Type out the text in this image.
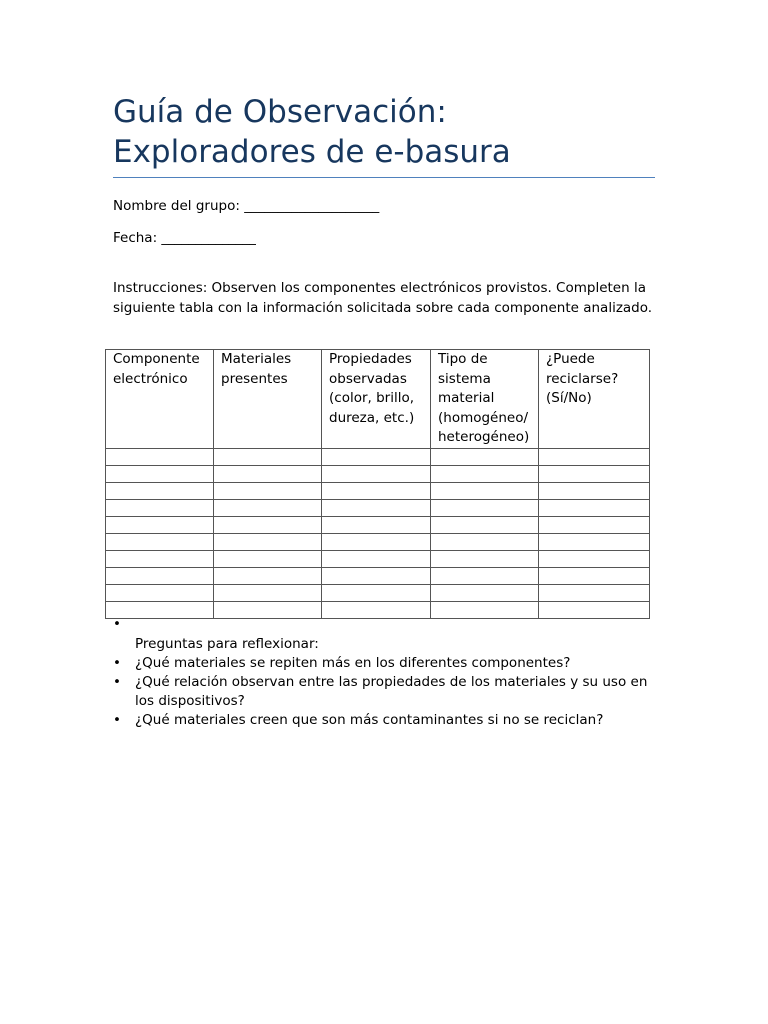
Guía de Observación:
Exploradores de e-basura
Nombre del grupo: ____________________
Fecha: ______________

Instrucciones: Observen los componentes electrónicos provistos. Completen la siguiente tabla con la información solicitada sobre cada componente analizado.

Componente electrónico	Materiales presentes	Propiedades observadas (color, brillo, dureza, etc.)	Tipo de sistema material (homogéneo/ heterogéneo)	¿Puede reciclarse? (Sí/No)

•
Preguntas para reflexionar:
• ¿Qué materiales se repiten más en los diferentes componentes?
• ¿Qué relación observan entre las propiedades de los materiales y su uso en los dispositivos?
• ¿Qué materiales creen que son más contaminantes si no se reciclan?
